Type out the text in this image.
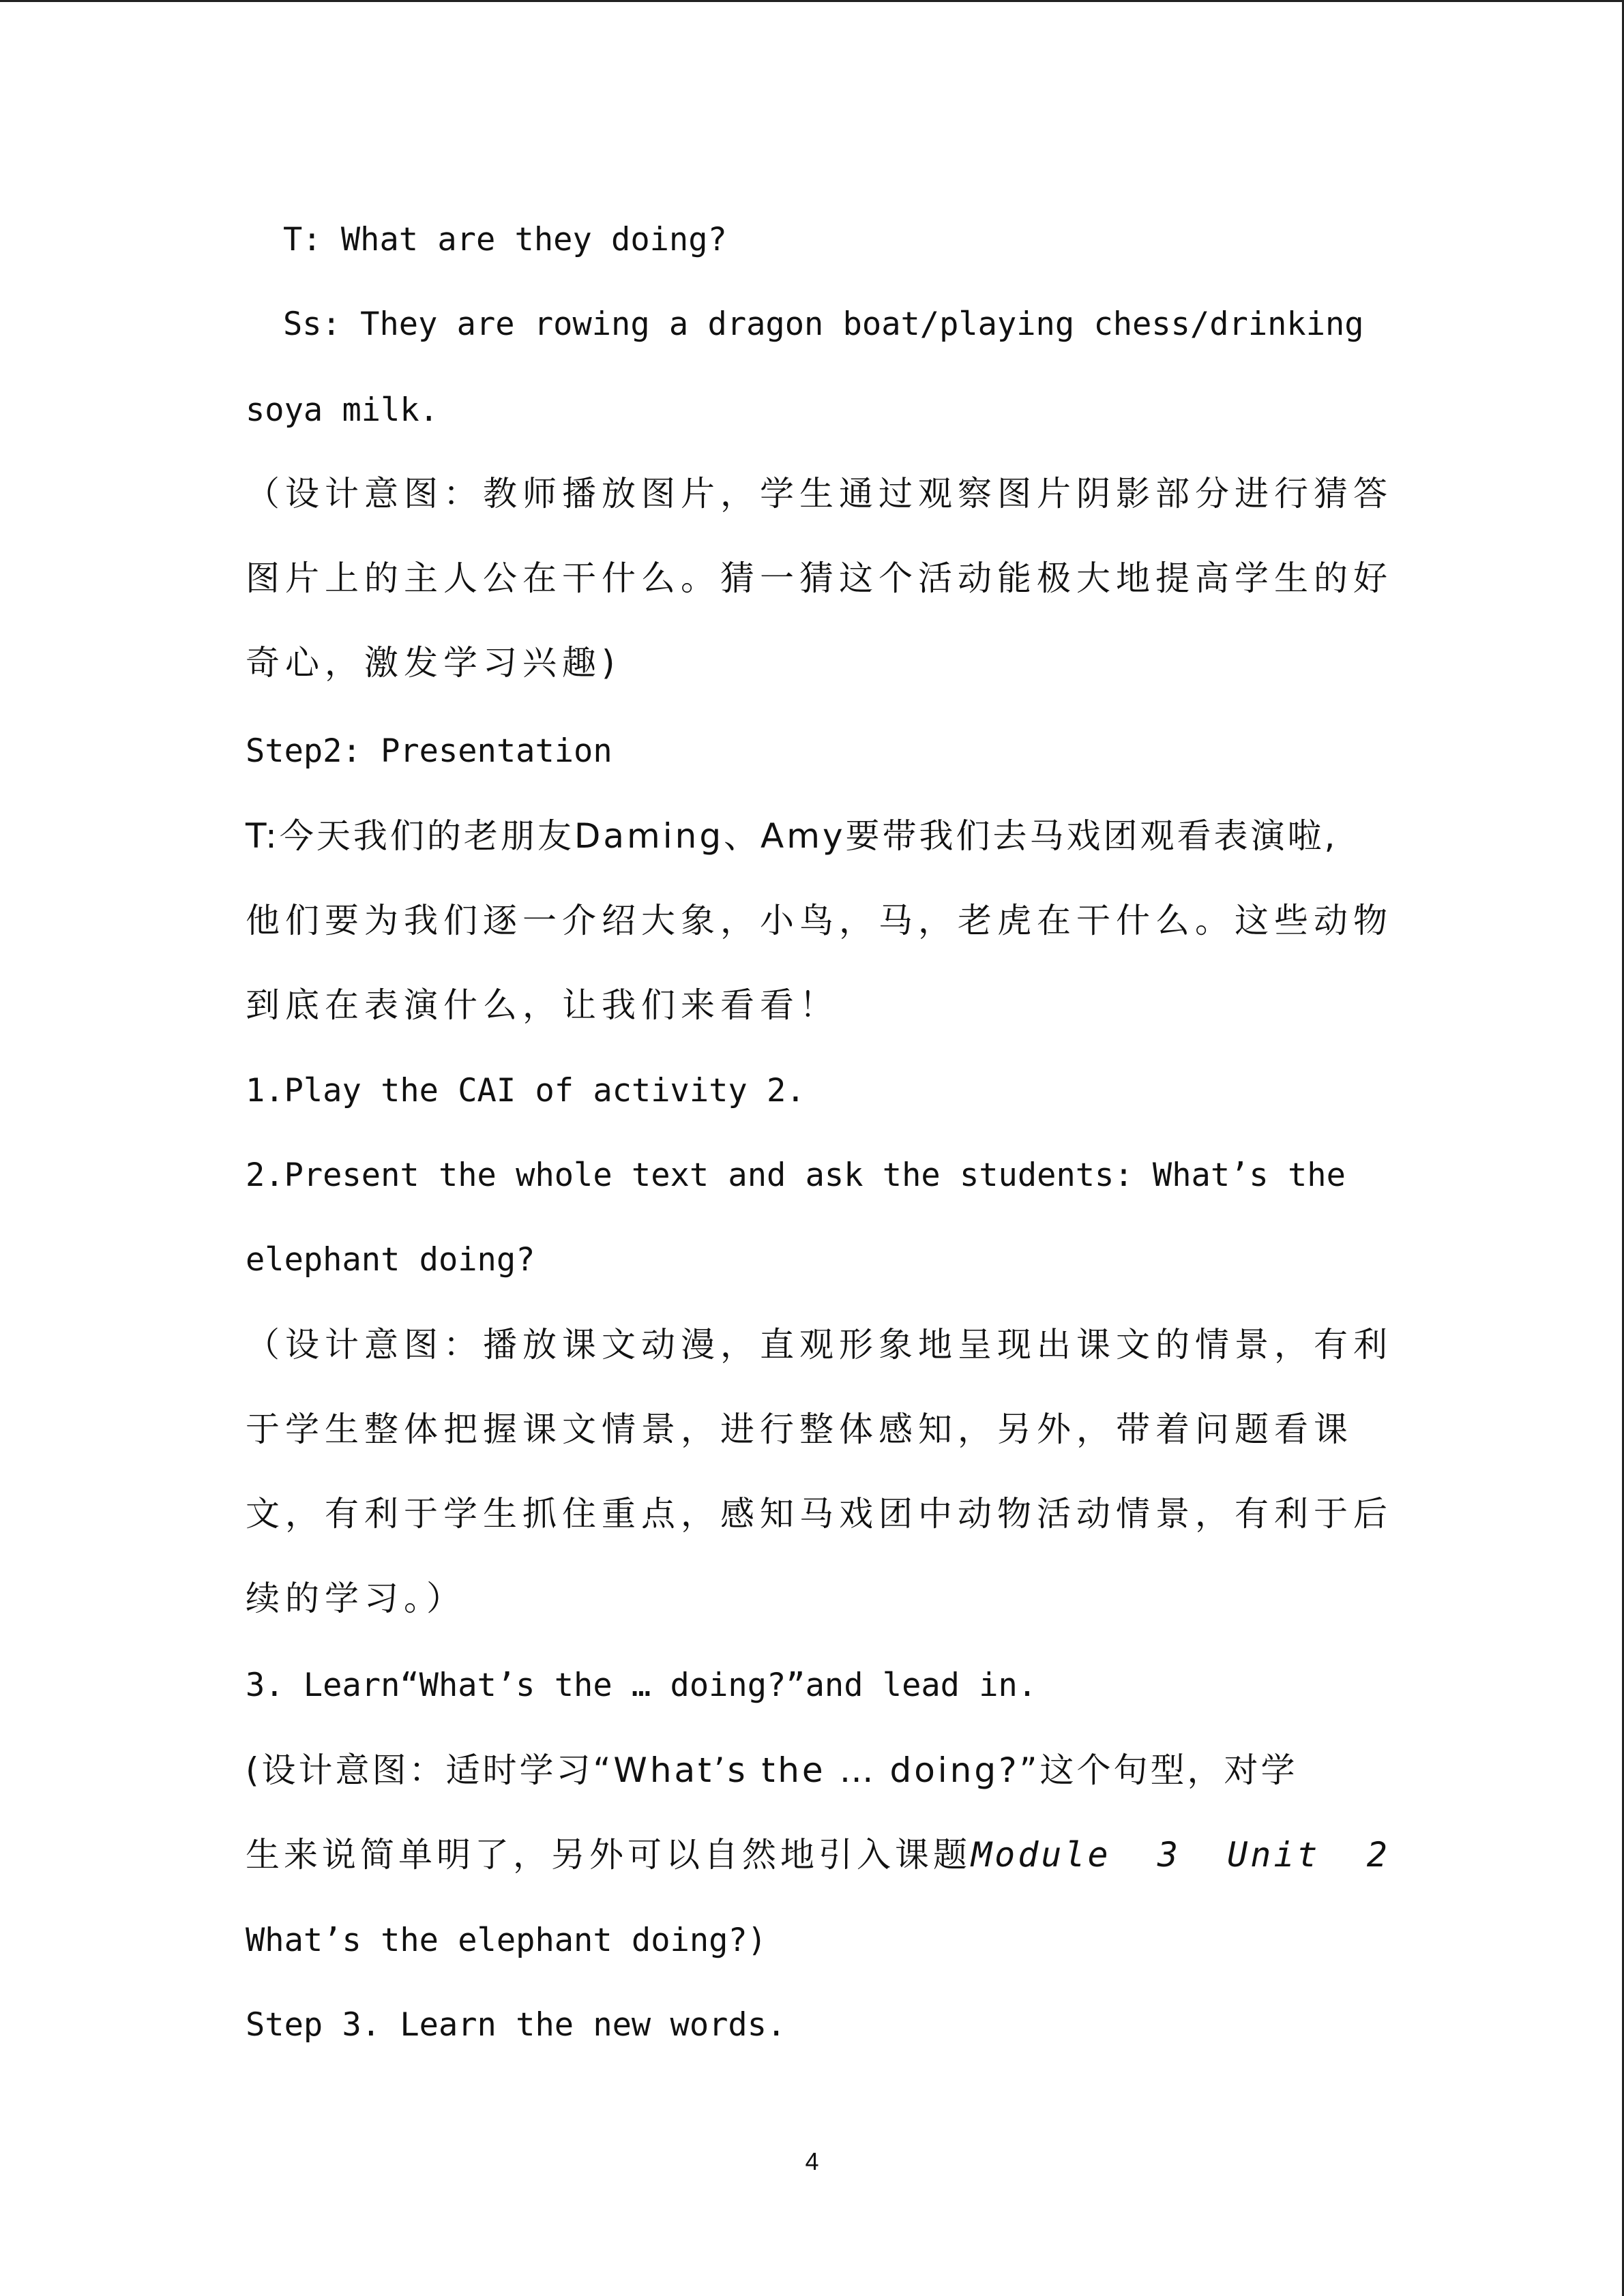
T: What are they doing?
Ss: They are rowing a dragon boat/playing chess/drinking
soya milk.
（设计意图：教师播放图片，学生通过观察图片阴影部分进行猜答
图片上的主人公在干什么。猜一猜这个活动能极大地提高学生的好
奇心，激发学习兴趣)
Step2: Presentation
T:今天我们的老朋友Daming、Amy要带我们去马戏团观看表演啦,
他们要为我们逐一介绍大象，小鸟，马，老虎在干什么。这些动物
到底在表演什么，让我们来看看！
1.Play the CAI of activity 2.
2.Present the whole text and ask the students: What’s the
elephant doing?
（设计意图：播放课文动漫，直观形象地呈现出课文的情景，有利
于学生整体把握课文情景，进行整体感知，另外，带着问题看课
文，有利于学生抓住重点，感知马戏团中动物活动情景，有利于后
续的学习。）
3. Learn“What’s the … doing?”and lead in.
(设计意图：适时学习“What’s the … doing?”这个句型，对学
生来说简单明了，另外可以自然地引入课题Module  3  Unit  2
What’s the elephant doing?)
Step 3. Learn the new words.
4
